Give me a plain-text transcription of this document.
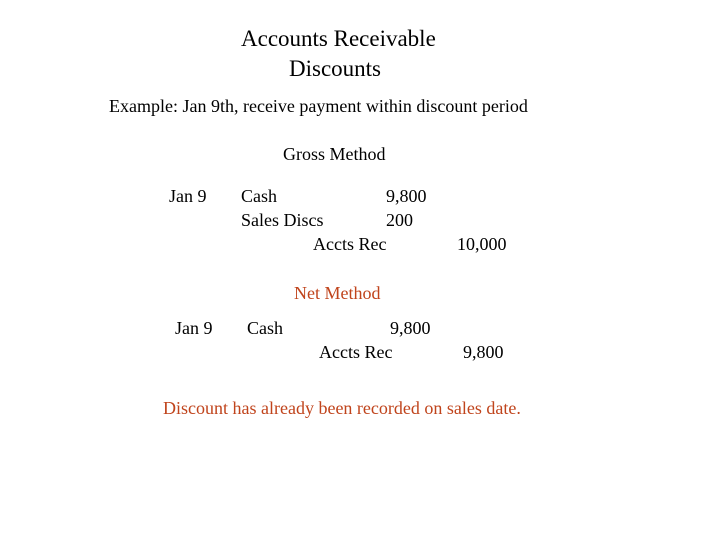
Accounts Receivable
Discounts
Example: Jan 9th, receive payment within discount period
Gross Method
Jan 9 Cash	9,800
Sales Discs	200
Accts Rec	10,000
Net Method
Jan 9 Cash	9,800
Accts Rec	9,800
Discount has already been recorded on sales date.
